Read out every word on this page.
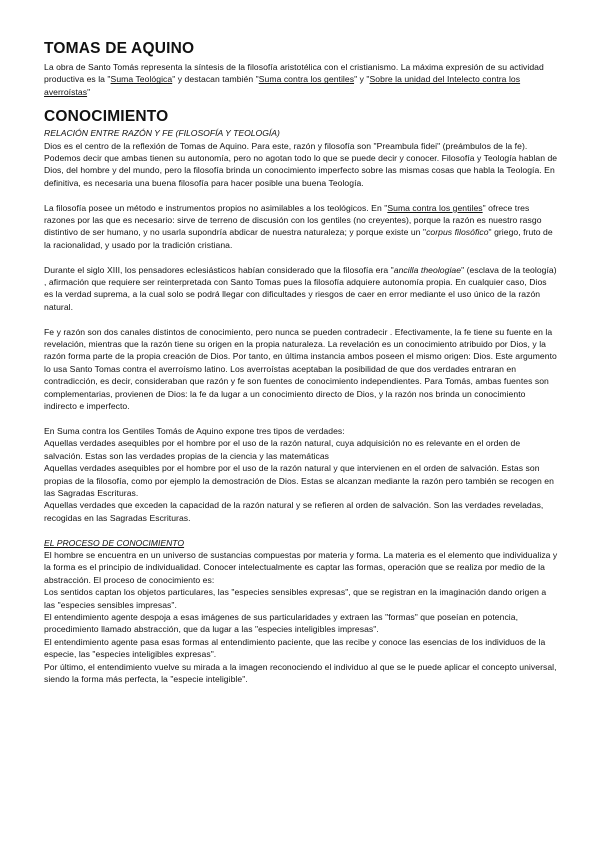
TOMAS DE AQUINO

La obra de Santo Tomás representa la síntesis de la filosofía aristotélica con el cristianismo. La máxima expresión de su actividad productiva es la "Suma Teológica" y destacan también "Suma contra los gentiles" y "Sobre la unidad del Intelecto contra los averroístas"

CONOCIMIENTO
RELACIÓN ENTRE RAZÓN Y FE (FILOSOFÍA Y TEOLOGÍA)

Dios es el centro de la reflexión de Tomas de Aquino. Para este, razón y filosofía son "Preambula fidei" (preámbulos de la fe). Podemos decir que ambas tienen su autonomía, pero no agotan todo lo que se puede decir y conocer. Filosofía y Teología hablan de Dios, del hombre y del mundo, pero la filosofía brinda un conocimiento imperfecto sobre las mismas cosas que habla la Teología. En definitiva, es necesaria una buena filosofía para hacer posible una buena Teología.

La filosofía posee un método e instrumentos propios no asimilables a los teológicos. En "Suma contra los gentiles" ofrece tres razones por las que es necesario: sirve de terreno de discusión con los gentiles (no creyentes), porque la razón es nuestro rasgo distintivo de ser humano, y no usarla supondría abdicar de nuestra naturaleza; y porque existe un "corpus filosófico" griego, fruto de la racionalidad, y usado por la tradición cristiana.

Durante el siglo XIII, los pensadores eclesiásticos habían considerado que la filosofía era "ancilla theologiae" (esclava de la teología) , afirmación que requiere ser reinterpretada con Santo Tomas pues la filosofía adquiere autonomía propia. En cualquier caso, Dios es la verdad suprema, a la cual solo se podrá llegar con dificultades y riesgos de caer en error mediante el uso único de la razón natural.

Fe y razón son dos canales distintos de conocimiento, pero nunca se pueden contradecir . Efectivamente, la fe tiene su fuente en la revelación, mientras que la razón tiene su origen en la propia naturaleza. La revelación es un conocimiento atribuido por Dios, y la razón forma parte de la propia creación de Dios. Por tanto, en última instancia ambos poseen el mismo origen: Dios. Este argumento lo usa Santo Tomas contra el averroísmo latino. Los averroístas aceptaban la posibilidad de que dos verdades entraran en contradicción, es decir, consideraban que razón y fe son fuentes de conocimiento independientes. Para Tomás, ambas fuentes son complementarias, provienen de Dios: la fe da lugar a un conocimiento directo de Dios, y la razón nos brinda un conocimiento indirecto e imperfecto.

En Suma contra los Gentiles Tomás de Aquino expone tres tipos de verdades:

Aquellas verdades asequibles por el hombre por el uso de la razón natural, cuya adquisición no es relevante en el orden de salvación. Estas son las verdades propias de la ciencia y las matemáticas

Aquellas verdades asequibles por el hombre por el uso de la razón natural y que intervienen en el orden de salvación. Estas son propias de la filosofía, como por ejemplo la demostración de Dios. Estas se alcanzan mediante la razón pero también se recogen en las Sagradas Escrituras.

Aquellas verdades que exceden la capacidad de la razón natural y se refieren al orden de salvación. Son las verdades reveladas, recogidas en las Sagradas Escrituras.

EL PROCESO DE CONOCIMIENTO

El hombre se encuentra en un universo de sustancias compuestas por materia y forma. La materia es el elemento que individualiza y la forma es el principio de individualidad. Conocer intelectualmente es captar las formas, operación que se realiza por medio de la abstracción. El proceso de conocimiento es:

Los sentidos captan los objetos particulares, las "especies sensibles expresas", que se registran en la imaginación dando origen a las "especies sensibles impresas".

El entendimiento agente despoja a esas imágenes de sus particularidades y extraen las "formas" que poseían en potencia, procedimiento llamado abstracción, que da lugar a las "especies inteligibles impresas".

El entendimiento agente pasa esas formas al entendimiento paciente, que las recibe y conoce las esencias de los individuos de la especie, las "especies inteligibles expresas".

Por último, el entendimiento vuelve su mirada a la imagen reconociendo el individuo al que se le puede aplicar el concepto universal, siendo la forma más perfecta, la "especie inteligible".
